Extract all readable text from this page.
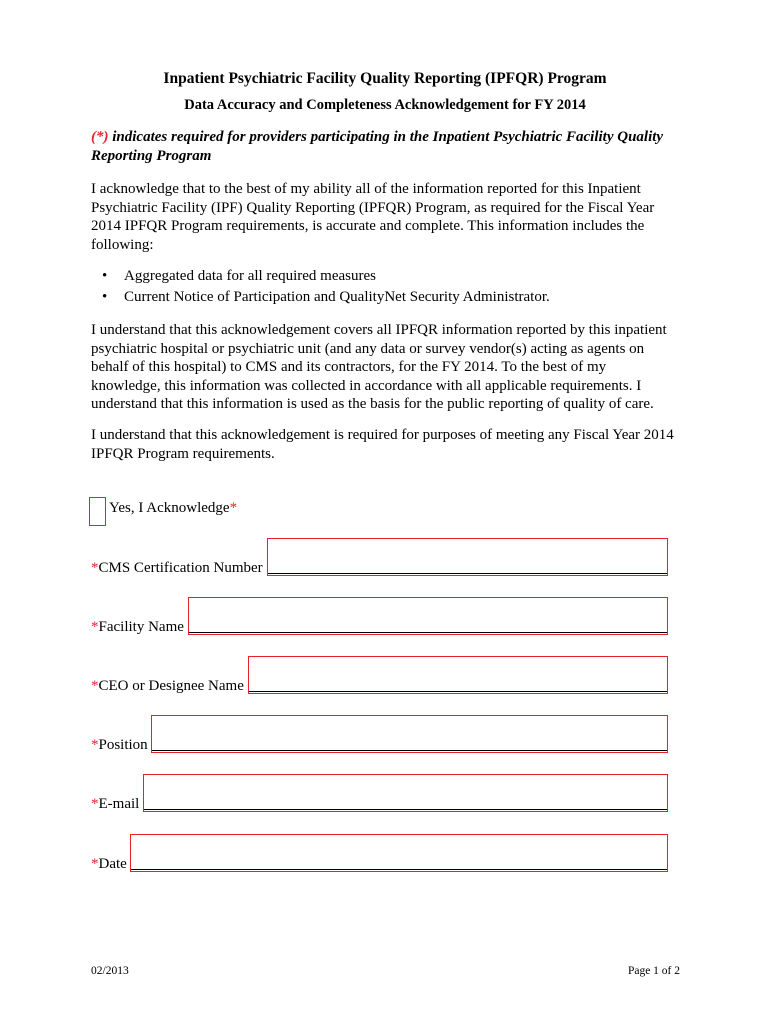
Inpatient Psychiatric Facility Quality Reporting (IPFQR) Program
Data Accuracy and Completeness Acknowledgement for FY 2014
(*) indicates required for providers participating in the Inpatient Psychiatric Facility Quality Reporting Program
I acknowledge that to the best of my ability all of the information reported for this Inpatient
Psychiatric Facility (IPF) Quality Reporting (IPFQR) Program, as required for the Fiscal Year
2014 IPFQR Program requirements, is accurate and complete. This information includes the
following:
• Aggregated data for all required measures
• Current Notice of Participation and QualityNet Security Administrator.
I understand that this acknowledgement covers all IPFQR information reported by this inpatient
psychiatric hospital or psychiatric unit (and any data or survey vendor(s) acting as agents on
behalf of this hospital) to CMS and its contractors, for the FY 2014. To the best of my
knowledge, this information was collected in accordance with all applicable requirements. I
understand that this information is used as the basis for the public reporting of quality of care.
I understand that this acknowledgement is required for purposes of meeting any Fiscal Year 2014
IPFQR Program requirements.
Yes, I Acknowledge*
*CMS Certification Number
*Facility Name
*CEO or Designee Name
*Position
*E-mail
*Date
02/2013	Page 1 of 2
